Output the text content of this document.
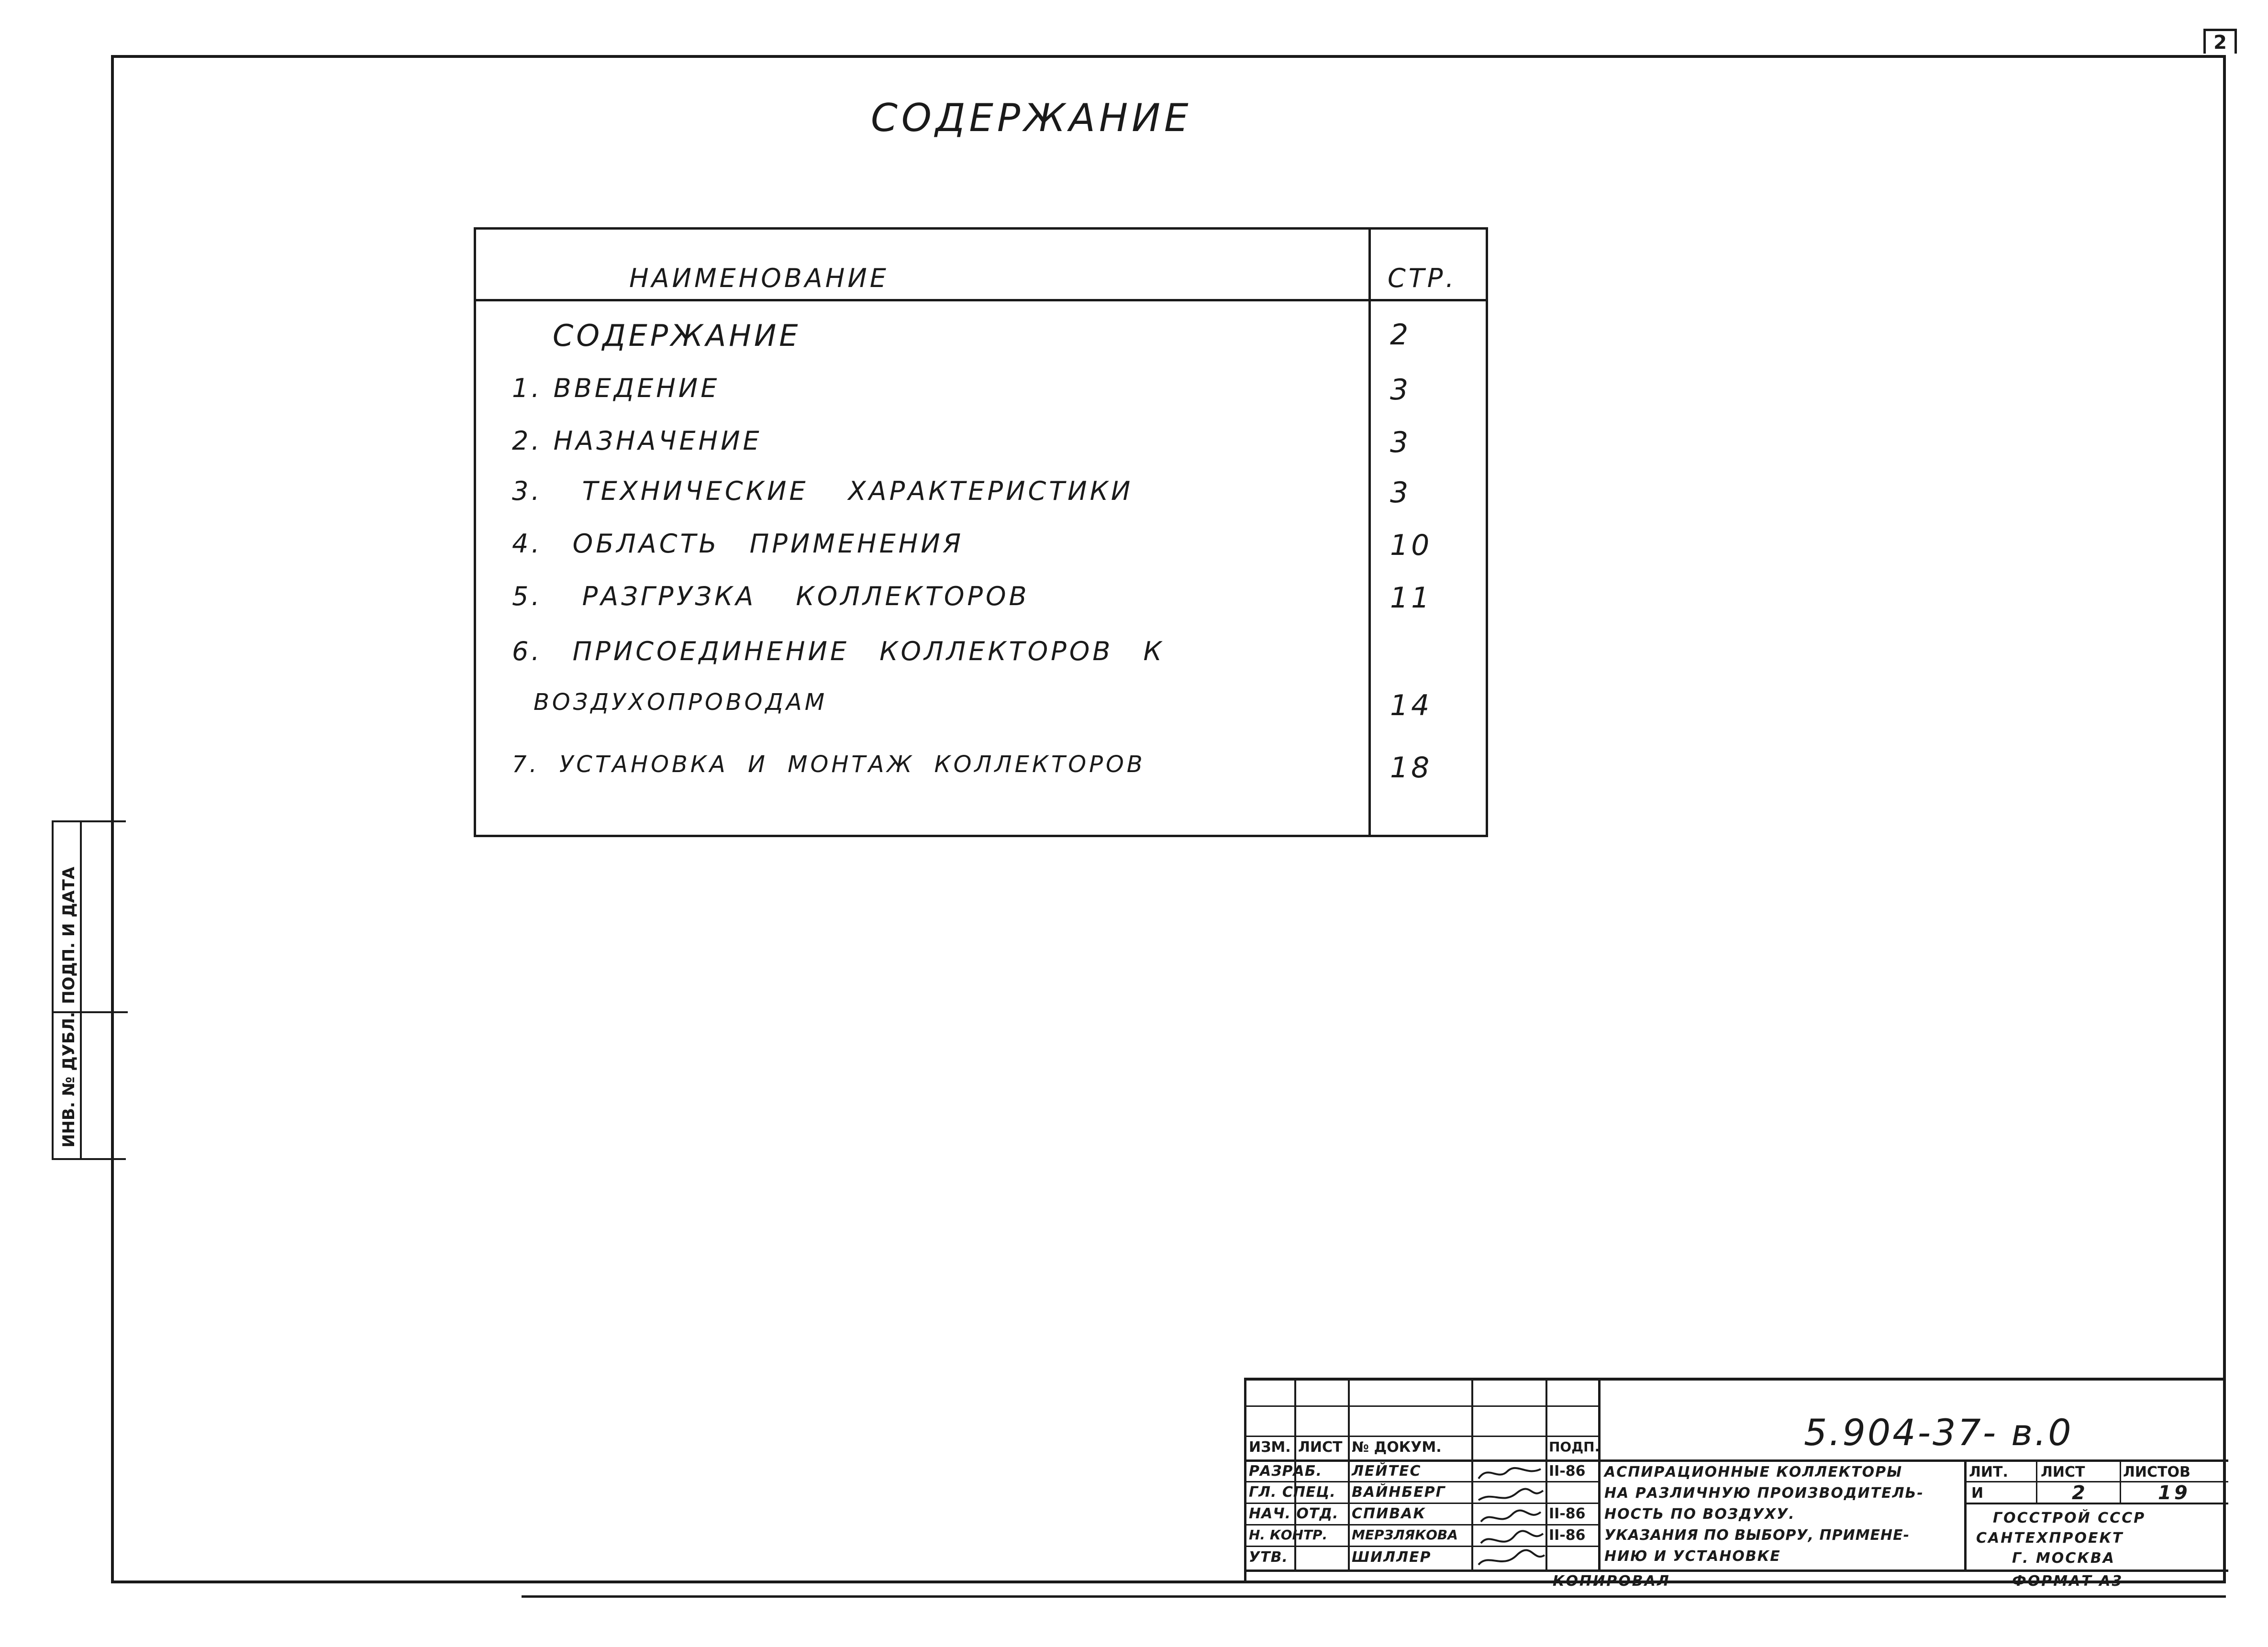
2
СОДЕРЖАНИЕ
НАИМЕНОВАНИЕ	СТР.
СОДЕРЖАНИЕ	2
1. ВВЕДЕНИЕ	3
2. НАЗНАЧЕНИЕ	3
3. ТЕХНИЧЕСКИЕ ХАРАКТЕРИСТИКИ	3
4. ОБЛАСТЬ ПРИМЕНЕНИЯ	10
5. РАЗГРУЗКА КОЛЛЕКТОРОВ	11
6. ПРИСОЕДИНЕНИЕ КОЛЛЕКТОРОВ К
ВОЗДУХОПРОВОДАМ	14
7. УСТАНОВКА И МОНТАЖ КОЛЛЕКТОРОВ	18
ИНВ. № ДУБЛ.
ПОДП. И ДАТА
ИЗМ. ЛИСТ № ДОКУМ.	ПОДП.
РАЗРАБ. ЛЕЙТЕС	II-86
ГЛ. СПЕЦ. ВАЙНБЕРГ
НАЧ. ОТД. СПИВАК	II-86
Н. КОНТР. МЕРЗЛЯКОВА	II-86
УТВ.	ШИЛЛЕР
АСПИРАЦИОННЫЕ КОЛЛЕКТОРЫ
НА РАЗЛИЧНУЮ ПРОИЗВОДИТЕЛЬ-
НОСТЬ ПО ВОЗДУХУ.
УКАЗАНИЯ ПО ВЫБОРУ, ПРИМЕНЕ-
НИЮ И УСТАНОВКЕ
ЛИТ. ЛИСТ	ЛИСТОВ
И	2	19
ГОССТРОЙ СССР
САНТЕХПРОЕКТ
Г. МОСКВА
КОПИРОВАЛ	ФОРМАТ А3
5.904-37- в.0
